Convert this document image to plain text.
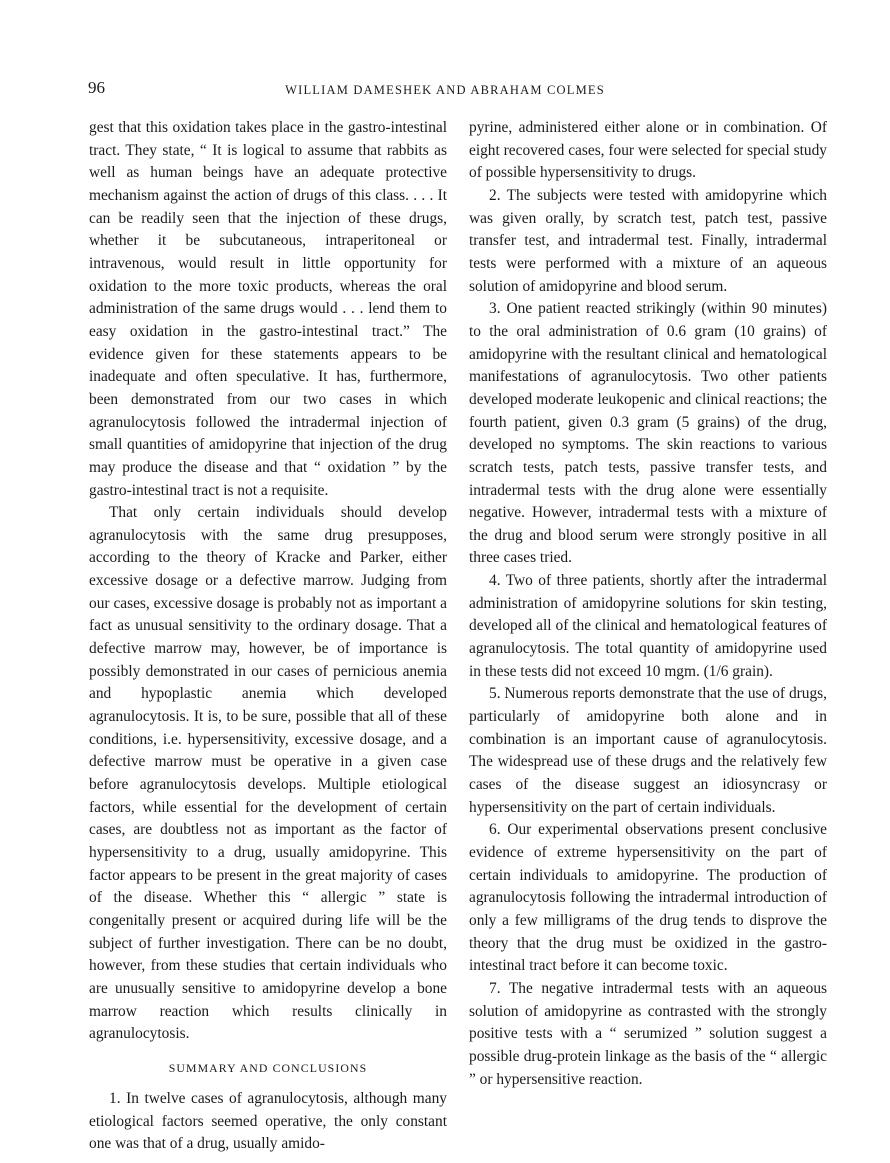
96	WILLIAM DAMESHEK AND ABRAHAM COLMES

gest that this oxidation takes place in the gastro-intestinal tract. They state, “ It is logical to assume that rabbits as well as human beings have an adequate protective mechanism against the action of drugs of this class. . . . It can be readily seen that the injection of these drugs, whether it be subcutaneous, intraperitoneal or intravenous, would result in little opportunity for oxidation to the more toxic products, whereas the oral administration of the same drugs would . . . lend them to easy oxidation in the gastro-intestinal tract.” The evidence given for these statements appears to be inadequate and often speculative. It has, furthermore, been demonstrated from our two cases in which agranulocytosis followed the intradermal injection of small quantities of amidopyrine that injection of the drug may produce the disease and that “ oxidation ” by the gastro-intestinal tract is not a requisite.

That only certain individuals should develop agranulocytosis with the same drug presupposes, according to the theory of Kracke and Parker, either excessive dosage or a defective marrow. Judging from our cases, excessive dosage is probably not as important a fact as unusual sensitivity to the ordinary dosage. That a defective marrow may, however, be of importance is possibly demonstrated in our cases of pernicious anemia and hypoplastic anemia which developed agranulocytosis. It is, to be sure, possible that all of these conditions, i.e. hypersensitivity, excessive dosage, and a defective marrow must be operative in a given case before agranulocytosis develops. Multiple etiological factors, while essential for the development of certain cases, are doubtless not as important as the factor of hypersensitivity to a drug, usually amidopyrine. This factor appears to be present in the great majority of cases of the disease. Whether this “ allergic ” state is congenitally present or acquired during life will be the subject of further investigation. There can be no doubt, however, from these studies that certain individuals who are unusually sensitive to amidopyrine develop a bone marrow reaction which results clinically in agranulocytosis.

SUMMARY AND CONCLUSIONS

1. In twelve cases of agranulocytosis, although many etiological factors seemed operative, the only constant one was that of a drug, usually amido-

pyrine, administered either alone or in combination. Of eight recovered cases, four were selected for special study of possible hypersensitivity to drugs.

2. The subjects were tested with amidopyrine which was given orally, by scratch test, patch test, passive transfer test, and intradermal test. Finally, intradermal tests were performed with a mixture of an aqueous solution of amidopyrine and blood serum.

3. One patient reacted strikingly (within 90 minutes) to the oral administration of 0.6 gram (10 grains) of amidopyrine with the resultant clinical and hematological manifestations of agranulocytosis. Two other patients developed moderate leukopenic and clinical reactions; the fourth patient, given 0.3 gram (5 grains) of the drug, developed no symptoms. The skin reactions to various scratch tests, patch tests, passive transfer tests, and intradermal tests with the drug alone were essentially negative. However, intradermal tests with a mixture of the drug and blood serum were strongly positive in all three cases tried.

4. Two of three patients, shortly after the intradermal administration of amidopyrine solutions for skin testing, developed all of the clinical and hematological features of agranulocytosis. The total quantity of amidopyrine used in these tests did not exceed 10 mgm. (1/6 grain).

5. Numerous reports demonstrate that the use of drugs, particularly of amidopyrine both alone and in combination is an important cause of agranulocytosis. The widespread use of these drugs and the relatively few cases of the disease suggest an idiosyncrasy or hypersensitivity on the part of certain individuals.

6. Our experimental observations present conclusive evidence of extreme hypersensitivity on the part of certain individuals to amidopyrine. The production of agranulocytosis following the intradermal introduction of only a few milligrams of the drug tends to disprove the theory that the drug must be oxidized in the gastro-intestinal tract before it can become toxic.

7. The negative intradermal tests with an aqueous solution of amidopyrine as contrasted with the strongly positive tests with a “ serumized ” solution suggest a possible drug-protein linkage as the basis of the “ allergic ” or hypersensitive reaction.
